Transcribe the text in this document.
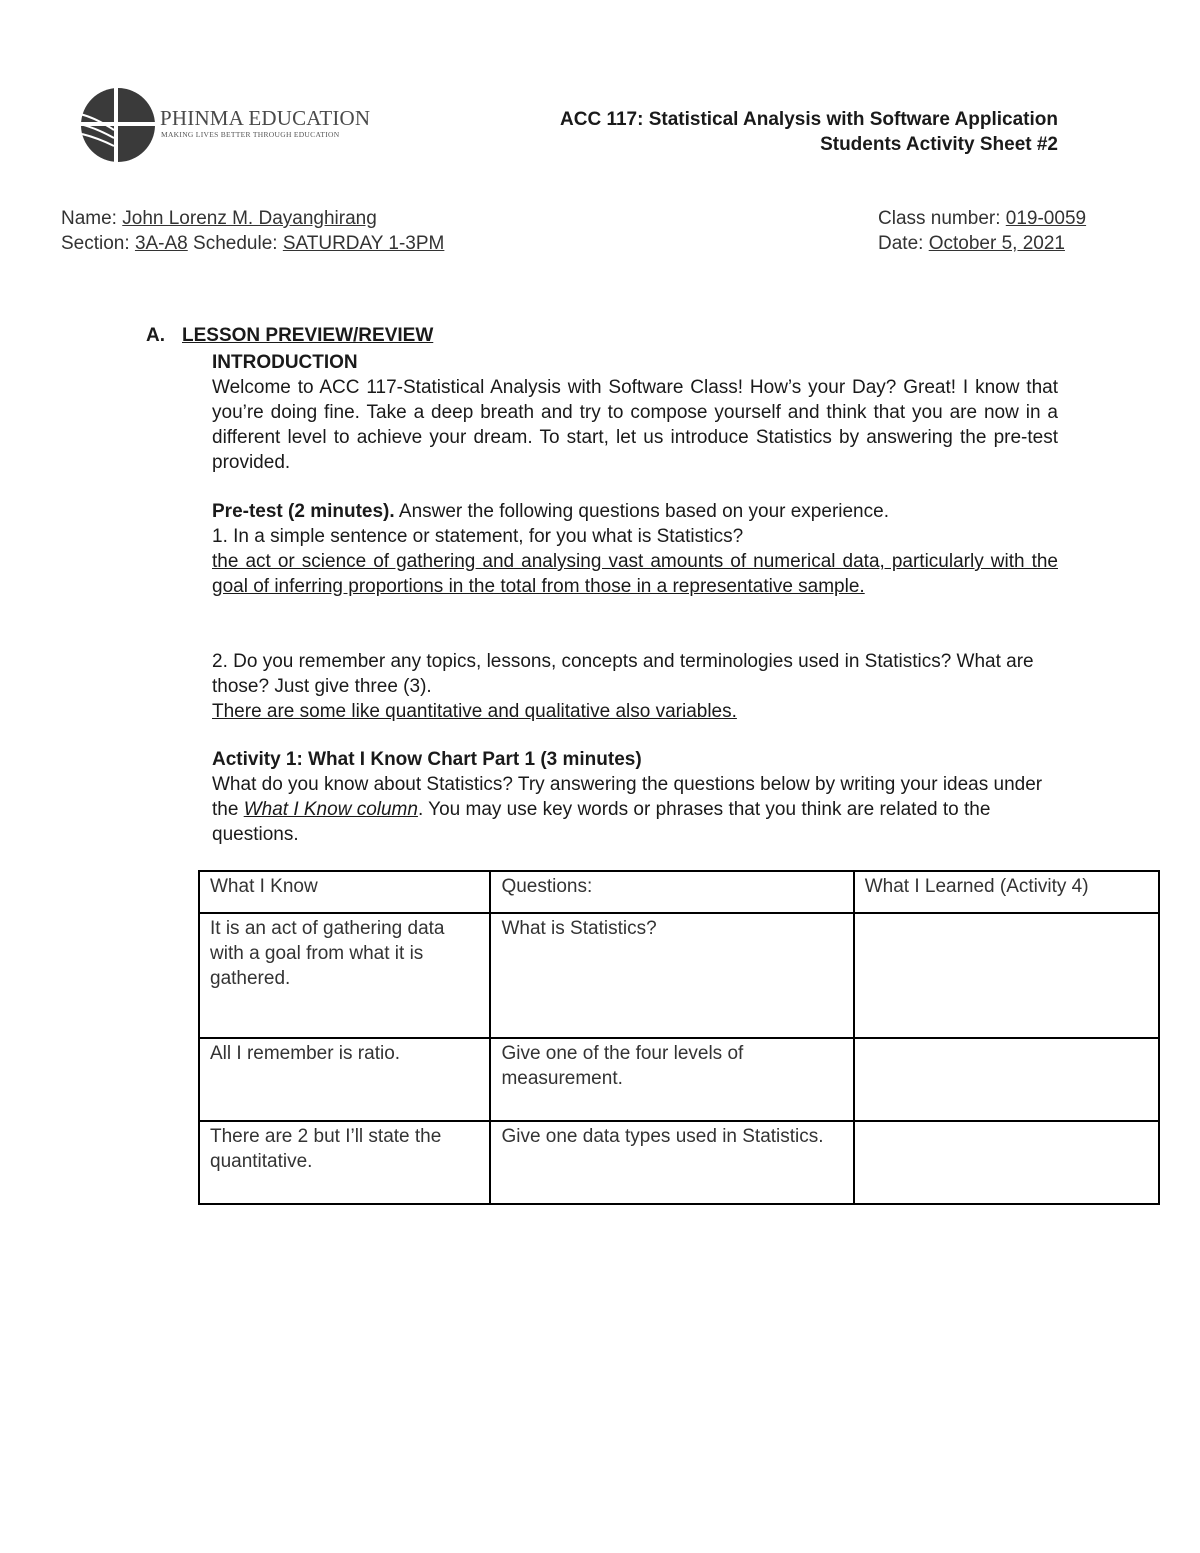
PHINMA EDUCATION
MAKING LIVES BETTER THROUGH EDUCATION
ACC 117: Statistical Analysis with Software Application
Students Activity Sheet #2
Name: John Lorenz M. Dayanghirang
Section: 3A-A8 Schedule: SATURDAY 1-3PM
Class number: 019-0059
Date: October 5, 2021
A. LESSON PREVIEW/REVIEW
INTRODUCTION
Welcome to ACC 117-Statistical Analysis with Software Class! How’s your Day? Great! I know that you’re doing fine. Take a deep breath and try to compose yourself and think that you are now in a different level to achieve your dream. To start, let us introduce Statistics by answering the pre-test provided.
Pre-test (2 minutes). Answer the following questions based on your experience.
1. In a simple sentence or statement, for you what is Statistics?
the act or science of gathering and analysing vast amounts of numerical data, particularly with the goal of inferring proportions in the total from those in a representative sample.
2. Do you remember any topics, lessons, concepts and terminologies used in Statistics? What are those? Just give three (3).
There are some like quantitative and qualitative also variables.
Activity 1: What I Know Chart Part 1 (3 minutes)
What do you know about Statistics? Try answering the questions below by writing your ideas under the What I Know column. You may use key words or phrases that you think are related to the questions.
What I Know	Questions:	What I Learned (Activity 4)
It is an act of gathering data with a goal from what it is gathered.	What is Statistics?	
All I remember is ratio.	Give one of the four levels of measurement.	
There are 2 but I’ll state the quantitative.	Give one data types used in Statistics.	
